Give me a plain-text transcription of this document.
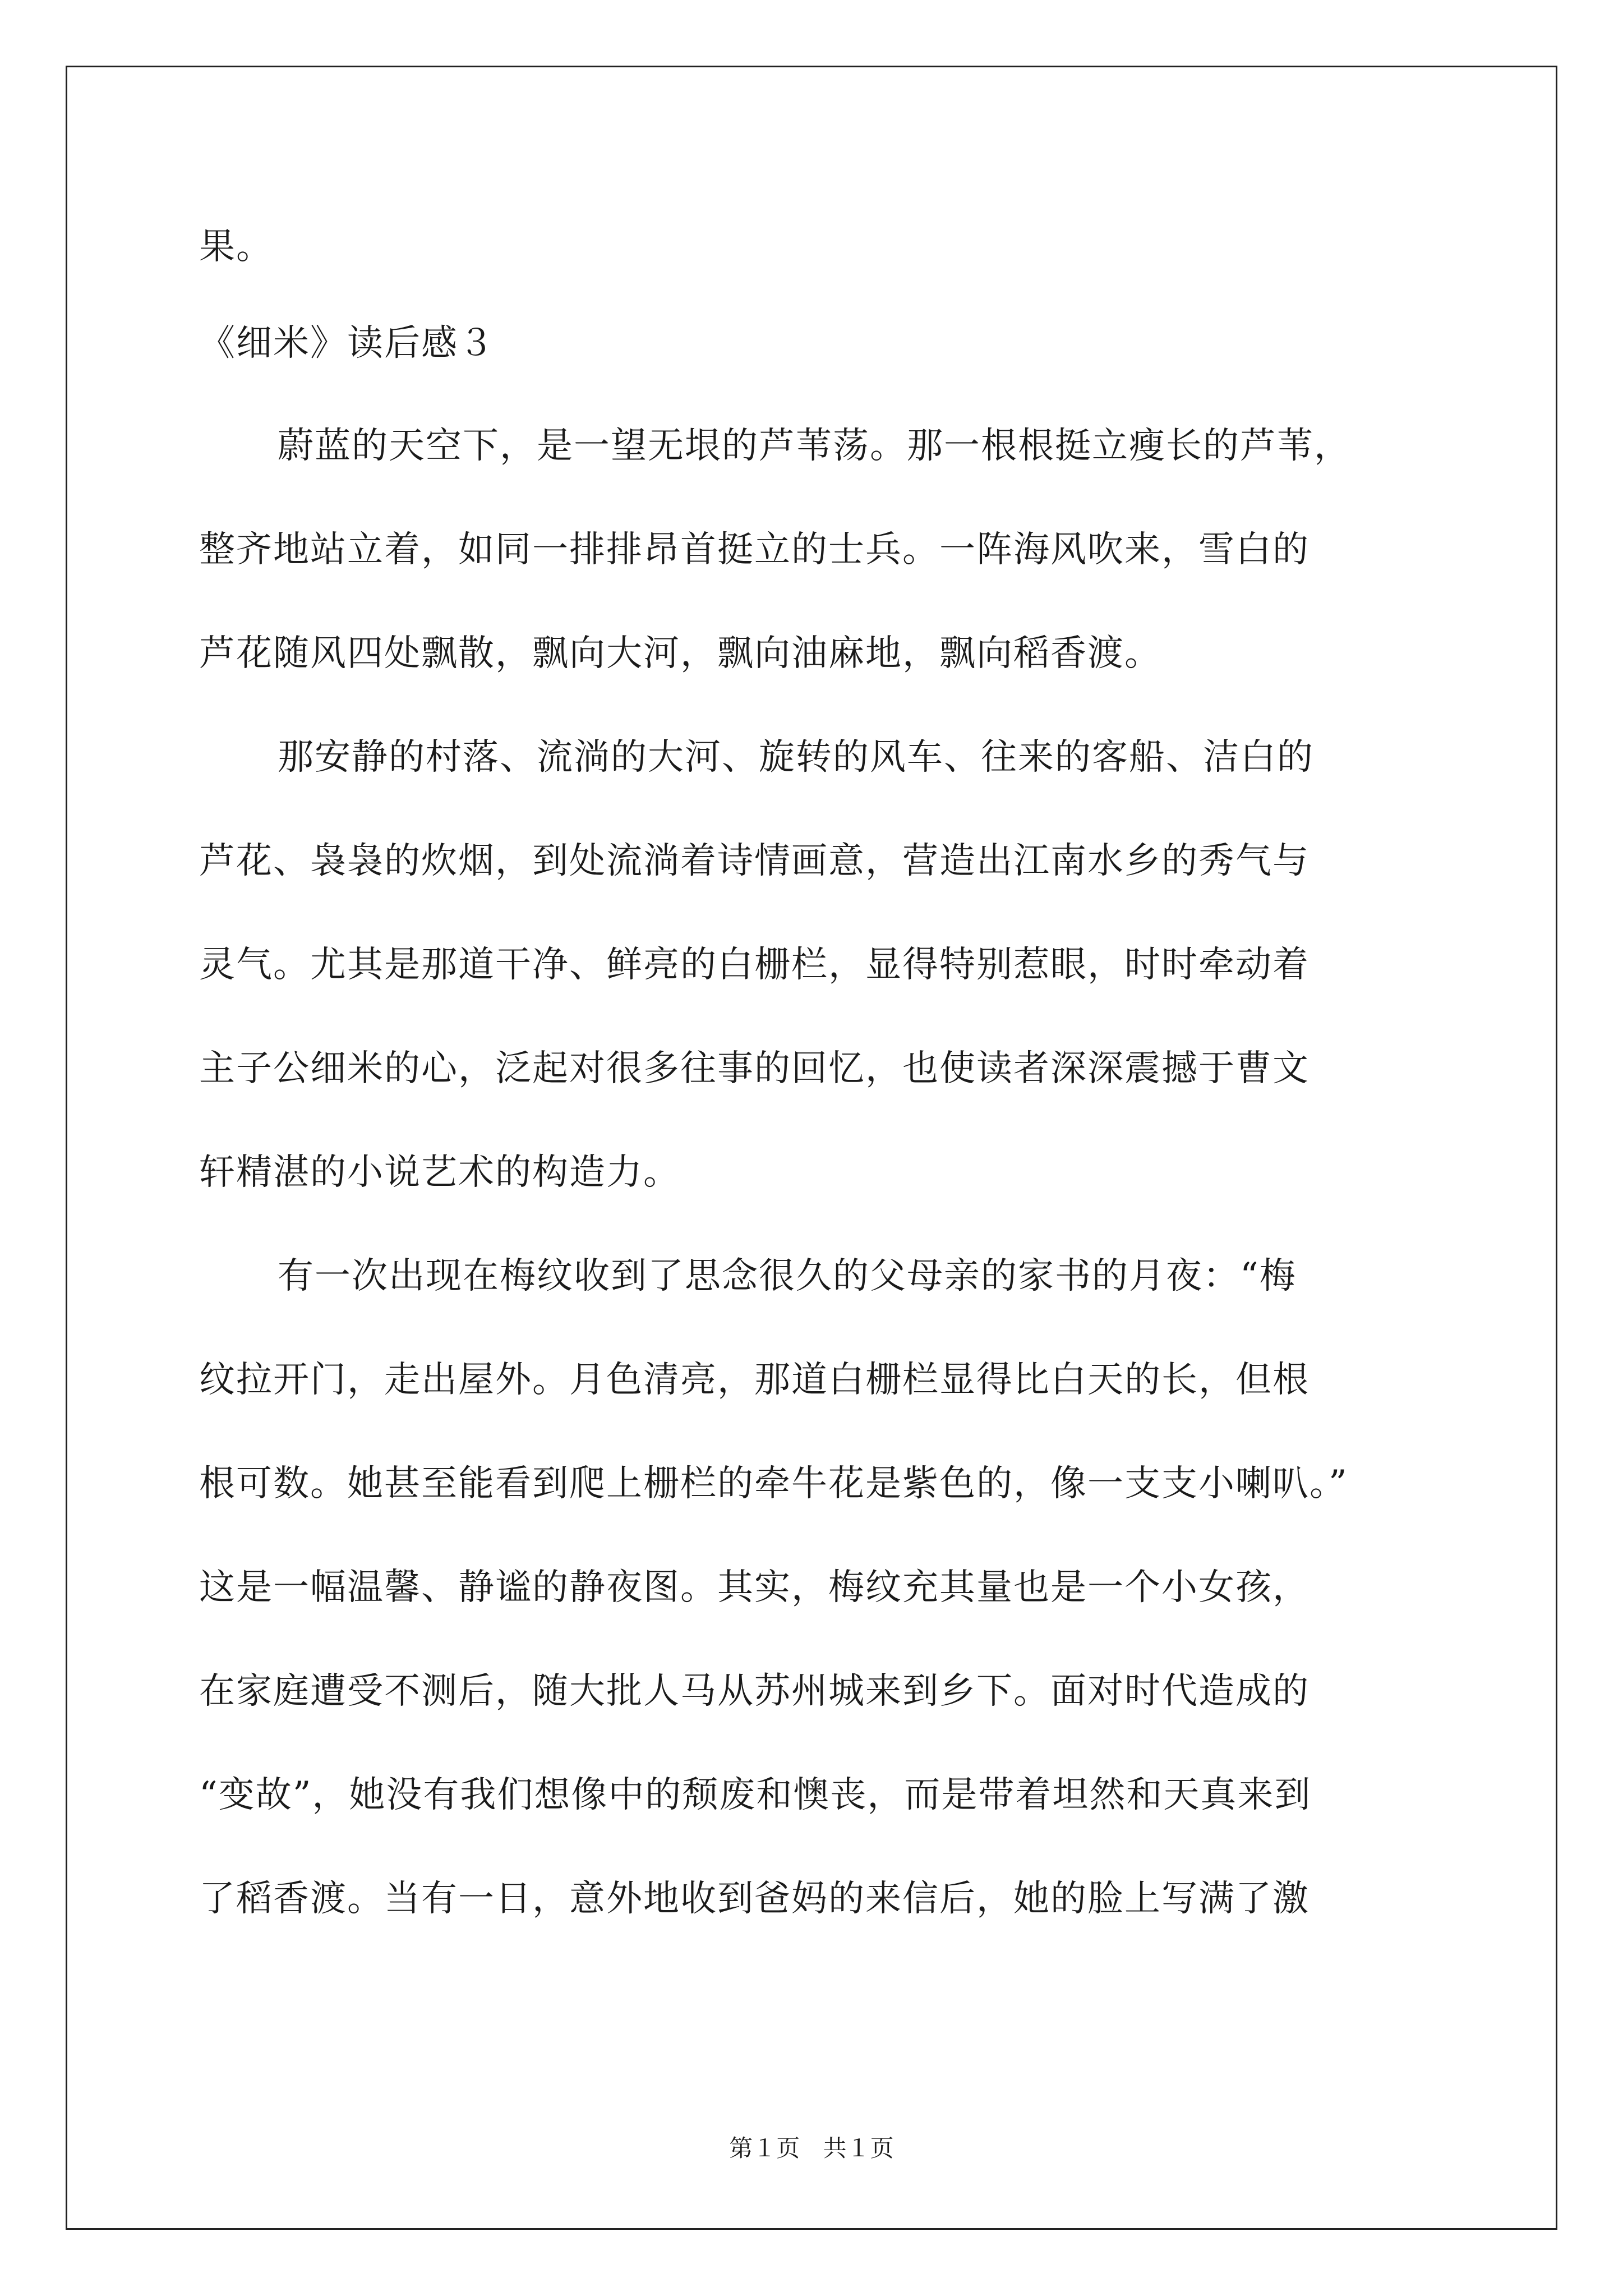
果。
《细米》读后感３
蔚蓝的天空下，是一望无垠的芦苇荡。那一根根挺立瘦长的芦苇，
整齐地站立着，如同一排排昂首挺立的士兵。一阵海风吹来，雪白的
芦花随风四处飘散，飘向大河，飘向油麻地，飘向稻香渡。
那安静的村落、流淌的大河、旋转的风车、往来的客船、洁白的
芦花、袅袅的炊烟，到处流淌着诗情画意，营造出江南水乡的秀气与
灵气。尤其是那道干净、鲜亮的白栅栏，显得特别惹眼，时时牵动着
主子公细米的心，泛起对很多往事的回忆，也使读者深深震撼于曹文
轩精湛的小说艺术的构造力。
有一次出现在梅纹收到了思念很久的父母亲的家书的月夜：“梅
纹拉开门，走出屋外。月色清亮，那道白栅栏显得比白天的长，但根
根可数。她甚至能看到爬上栅栏的牵牛花是紫色的，像一支支小喇叭。”
这是一幅温馨、静谧的静夜图。其实，梅纹充其量也是一个小女孩，
在家庭遭受不测后，随大批人马从苏州城来到乡下。面对时代造成的
“变故”，她没有我们想像中的颓废和懊丧，而是带着坦然和天真来到
了稻香渡。当有一日，意外地收到爸妈的来信后，她的脸上写满了激
第１页 共１页
